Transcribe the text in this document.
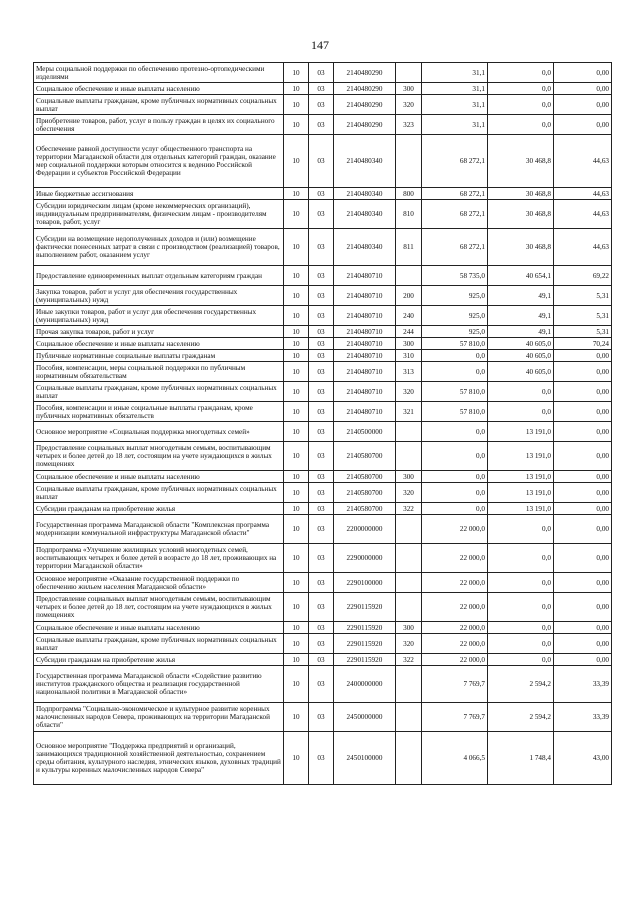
147
Меры социальной поддержки по обеспечению протезно-ортопедическими изделиями	10	03	2140480290		31,1	0,0	0,00
Социальное обеспечение и иные выплаты населению	10	03	2140480290	300	31,1	0,0	0,00
Социальные выплаты гражданам, кроме публичных нормативных социальных выплат	10	03	2140480290	320	31,1	0,0	0,00
Приобретение товаров, работ, услуг в пользу граждан в целях их социального обеспечения	10	03	2140480290	323	31,1	0,0	0,00
Обеспечение равной доступности услуг общественного транспорта на территории Магаданской области для отдельных категорий граждан, оказание мер социальной поддержки которым относится к ведению Российской Федерации и субъектов Российской Федерации	10	03	2140480340		68 272,1	30 468,8	44,63
Иные бюджетные ассигнования	10	03	2140480340	800	68 272,1	30 468,8	44,63
Субсидии юридическим лицам (кроме некоммерческих организаций), индивидуальным предпринимателям, физическим лицам - производителям товаров, работ, услуг	10	03	2140480340	810	68 272,1	30 468,8	44,63
Субсидии на возмещение недополученных доходов и (или) возмещение фактически понесенных затрат в связи с производством (реализацией) товаров, выполнением работ, оказанием услуг	10	03	2140480340	811	68 272,1	30 468,8	44,63
Предоставление единовременных выплат отдельным категориям граждан	10	03	2140480710		58 735,0	40 654,1	69,22
Закупка товаров, работ и услуг для обеспечения государственных (муниципальных) нужд	10	03	2140480710	200	925,0	49,1	5,31
Иные закупки товаров, работ и услуг для обеспечения государственных (муниципальных) нужд	10	03	2140480710	240	925,0	49,1	5,31
Прочая закупка товаров, работ и услуг	10	03	2140480710	244	925,0	49,1	5,31
Социальное обеспечение и иные выплаты населению	10	03	2140480710	300	57 810,0	40 605,0	70,24
Публичные нормативные социальные выплаты гражданам	10	03	2140480710	310	0,0	40 605,0	0,00
Пособия, компенсации, меры социальной поддержки по публичным нормативным обязательствам	10	03	2140480710	313	0,0	40 605,0	0,00
Социальные выплаты гражданам, кроме публичных нормативных социальных выплат	10	03	2140480710	320	57 810,0	0,0	0,00
Пособия, компенсации и иные социальные выплаты гражданам, кроме публичных нормативных обязательств	10	03	2140480710	321	57 810,0	0,0	0,00
Основное мероприятие «Социальная поддержка многодетных семей»	10	03	2140500000		0,0	13 191,0	0,00
Предоставление социальных выплат многодетным семьям, воспитывающим четырех и более детей до 18 лет, состоящим на учете нуждающихся в жилых помещениях	10	03	2140580700		0,0	13 191,0	0,00
Социальное обеспечение и иные выплаты населению	10	03	2140580700	300	0,0	13 191,0	0,00
Социальные выплаты гражданам, кроме публичных нормативных социальных выплат	10	03	2140580700	320	0,0	13 191,0	0,00
Субсидии гражданам на приобретение жилья	10	03	2140580700	322	0,0	13 191,0	0,00
Государственная программа Магаданской области "Комплексная программа модернизации коммунальной инфраструктуры Магаданской области"	10	03	2200000000		22 000,0	0,0	0,00
Подпрограмма «Улучшение жилищных условий многодетных семей, воспитывающих четырех и более детей в возрасте до 18 лет, проживающих на территории Магаданской области»	10	03	2290000000		22 000,0	0,0	0,00
Основное мероприятие «Оказание государственной поддержки по обеспечению жильем населения Магаданской области»	10	03	2290100000		22 000,0	0,0	0,00
Предоставление социальных выплат многодетным семьям, воспитывающим четырех и более детей до 18 лет, состоящим на учете нуждающихся в жилых помещениях	10	03	2290115920		22 000,0	0,0	0,00
Социальное обеспечение и иные выплаты населению	10	03	2290115920	300	22 000,0	0,0	0,00
Социальные выплаты гражданам, кроме публичных нормативных социальных выплат	10	03	2290115920	320	22 000,0	0,0	0,00
Субсидии гражданам на приобретение жилья	10	03	2290115920	322	22 000,0	0,0	0,00
Государственная программа Магаданской области «Содействие развитию институтов гражданского общества и реализация государственной национальной политики в Магаданской области»	10	03	2400000000		7 769,7	2 594,2	33,39
Подпрограмма "Социально-экономическое и культурное развитие коренных малочисленных народов Севера, проживающих на территории Магаданской области"	10	03	2450000000		7 769,7	2 594,2	33,39
Основное мероприятие "Поддержка предприятий и организаций, занимающихся традиционной хозяйственной деятельностью, сохранением среды обитания, культурного наследия, этнических языков, духовных традиций и культуры коренных малочисленных народов Севера"	10	03	2450100000		4 066,5	1 748,4	43,00
